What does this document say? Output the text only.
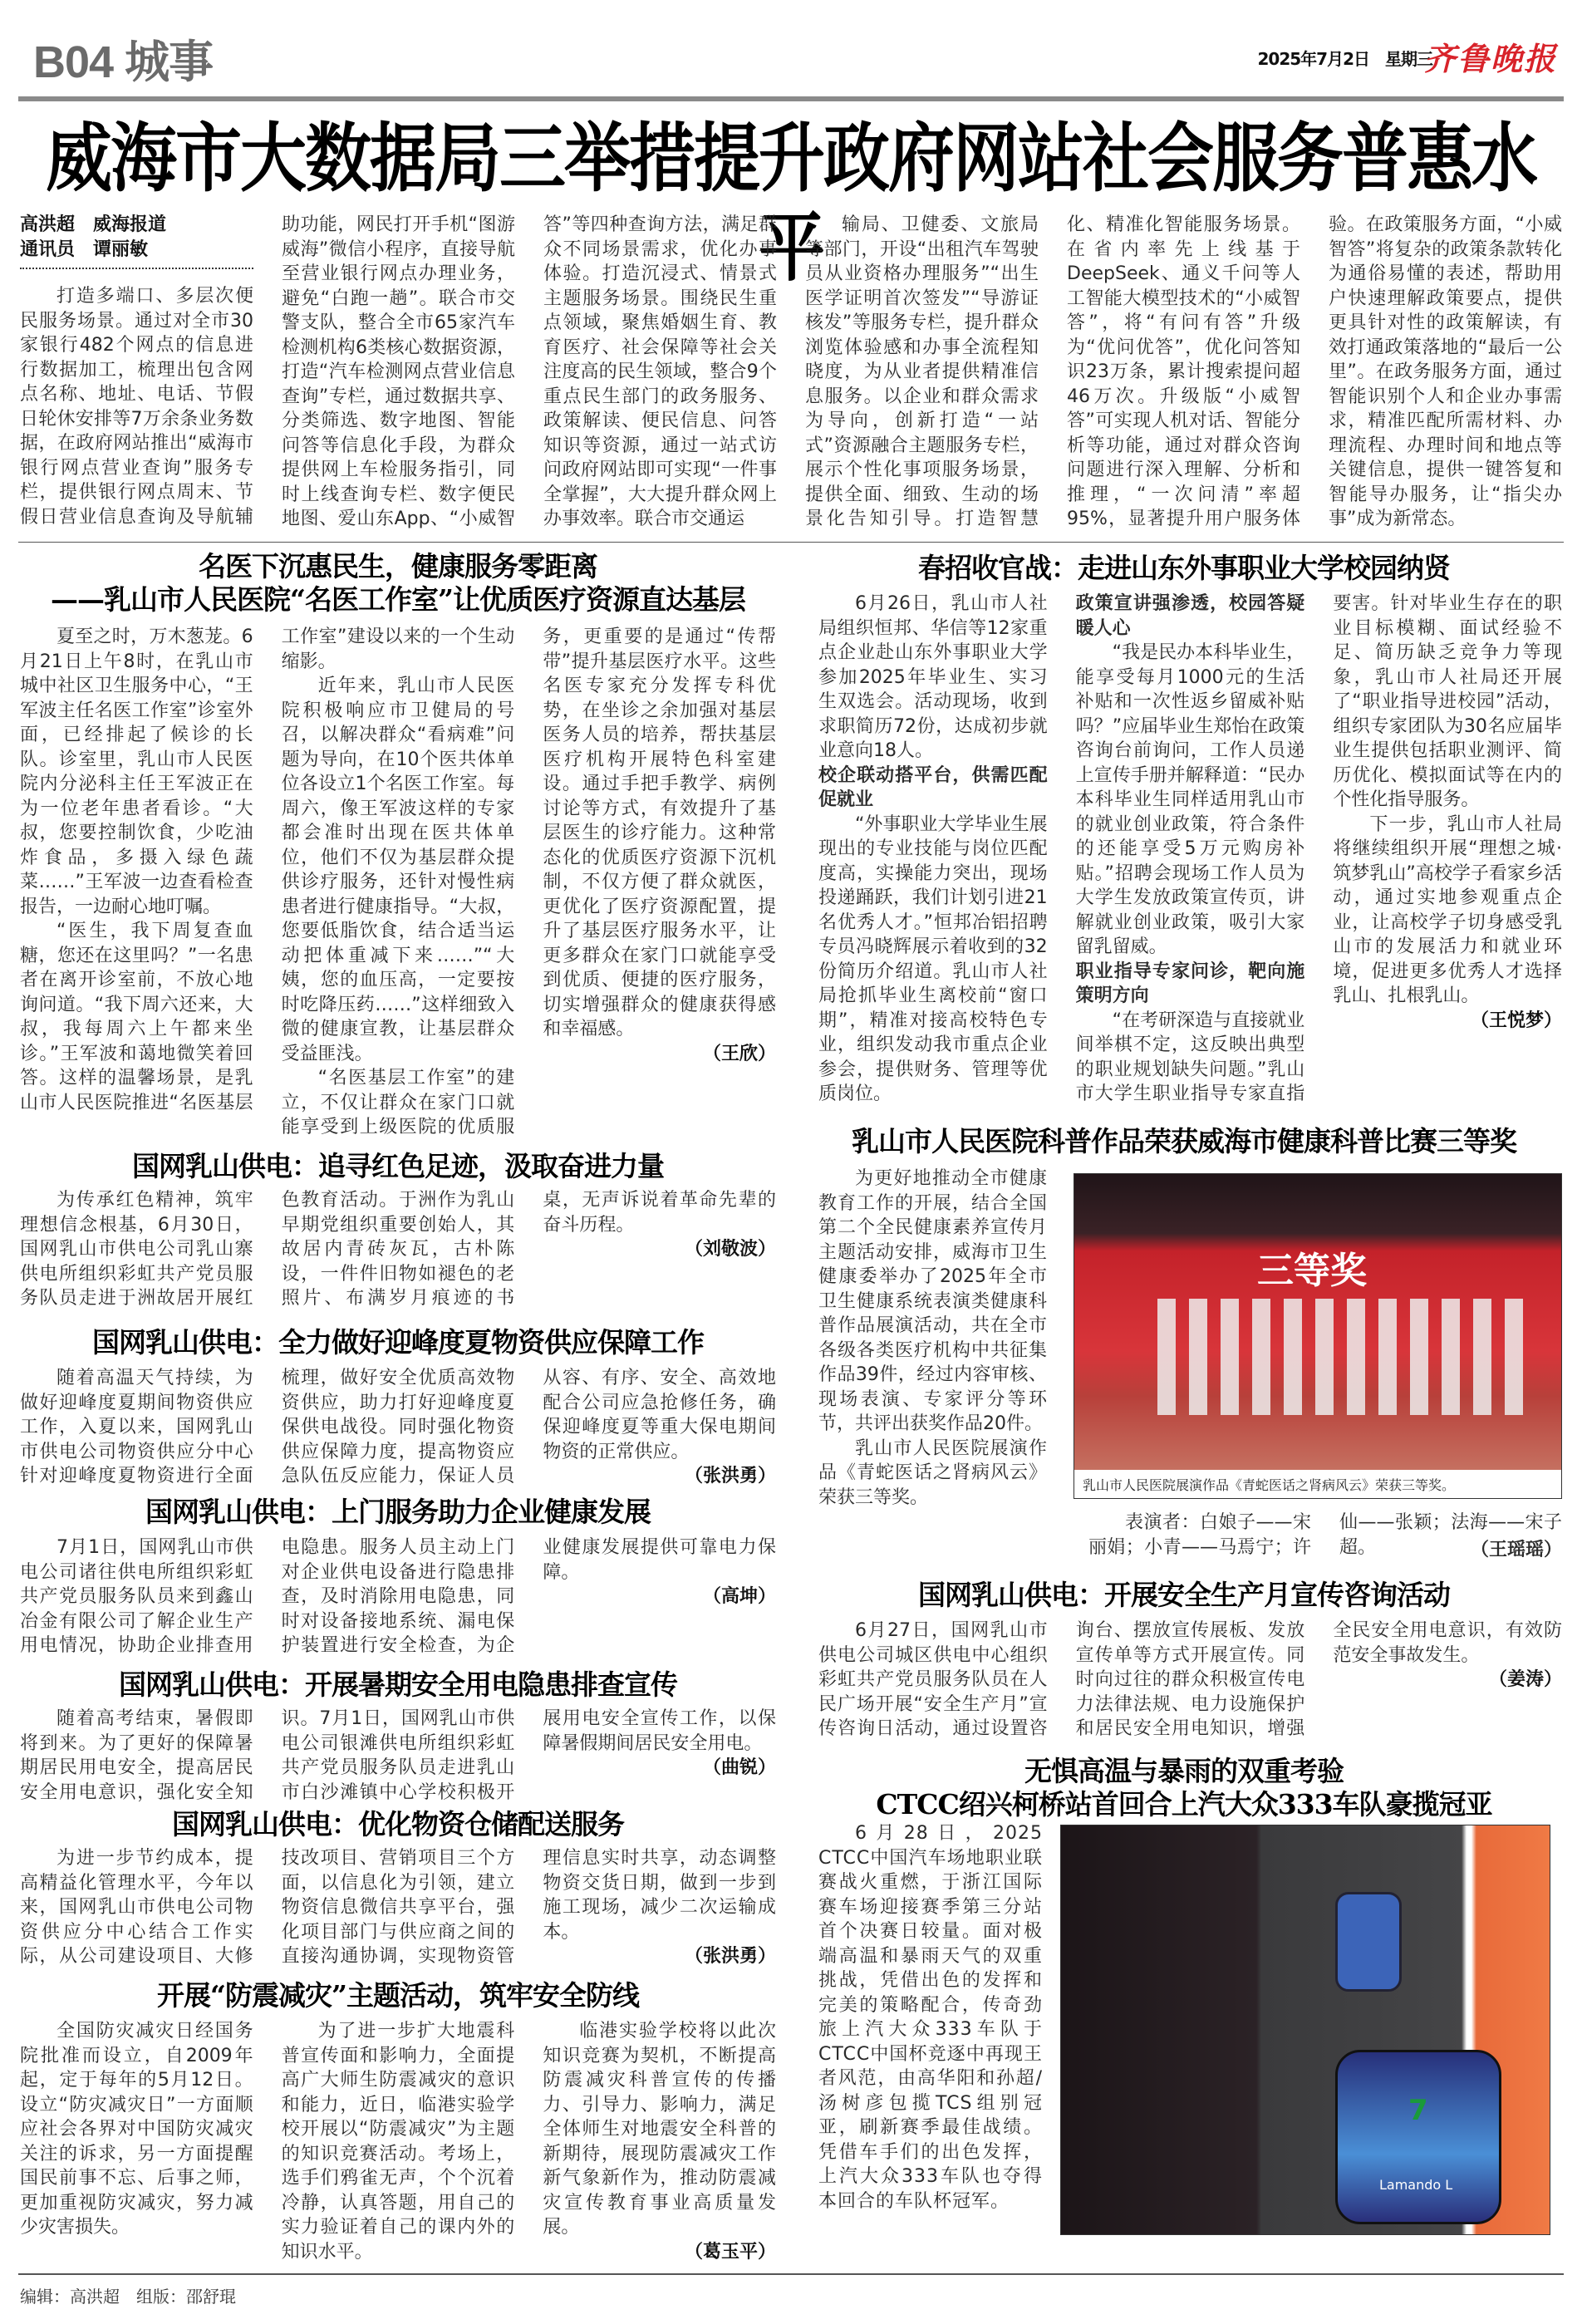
B04 城事	2025年7月2日　 星期三
齐鲁晚报
威海市大数据局三举措提升政府网站社会服务普惠水平
高洪超　威海报道
通讯员　谭丽敏

打造多端口、多层次便民服务场景。通过对全市30家银行482个网点的信息进行数据加工，梳理出包含网点名称、地址、电话、节假日轮休安排等7万余条业务数据，在政府网站推出“威海市银行网点营业查询”服务专栏，提供银行网点周末、节假日营业信息查询及导航辅助功能，网民打开手机“图游威海”微信小程序，直接导航至营业银行网点办理业务，避免“白跑一趟”。联合市交警支队，整合全市65家汽车检测机构6类核心数据资源，打造“汽车检测网点营业信息查询”专栏，通过数据共享、分类筛选、数字地图、智能问答等信息化手段，为群众提供网上车检服务指引，同时上线查询专栏、数字便民地图、爱山东App、“小威智答”等四种查询方法，满足群众不同场景需求，优化办事体验。打造沉浸式、情景式主题服务场景。围绕民生重点领域，聚焦婚姻生育、教育医疗、社会保障等社会关注度高的民生领域，整合9个重点民生部门的政务服务、政策解读、便民信息、问答知识等资源，通过一站式访问政府网站即可实现“一件事全掌握”，大大提升群众网上办事效率。联合市交通运

输局、卫健委、文旅局等部门，开设“出租汽车驾驶员从业资格办理服务”“出生医学证明首次签发”“导游证核发”等服务专栏，提升群众浏览体验感和办事全流程知晓度，为从业者提供精准信息服务。以企业和群众需求为导向，创新打造“一站式”资源融合主题服务专栏，展示个性化事项服务场景，提供全面、细致、生动的场景化告知引导。打造智慧化、精准化智能服务场景。在省内率先上线基于DeepSeek、通义千问等人工智能大模型技术的“小威智答”，将“有问有答”升级为“优问优答”，优化问答知识23万条，累计搜索提问超46万次。升级版“小威智答”可实现人机对话、智能分析等功能，通过对群众咨询问题进行深入理解、分析和推理，“一次问清”率超95%，显著提升用户服务体验。在政策服务方面，“小威智答”将复杂的政策条款转化为通俗易懂的表述，帮助用户快速理解政策要点，提供更具针对性的政策解读，有效打通政策落地的“最后一公里”。在政务服务方面，通过智能识别个人和企业办事需求，精准匹配所需材料、办理流程、办理时间和地点等关键信息，提供一键答复和智能导办服务，让“指尖办事”成为新常态。

名医下沉惠民生，健康服务零距离
——乳山市人民医院“名医工作室”让优质医疗资源直达基层

夏至之时，万木葱茏。6月21日上午8时，在乳山市城中社区卫生服务中心，“王军波主任名医工作室”诊室外面，已经排起了候诊的长队。诊室里，乳山市人民医院内分泌科主任王军波正在为一位老年患者看诊。“大叔，您要控制饮食，少吃油炸食品，多摄入绿色蔬菜……”王军波一边查看检查报告，一边耐心地叮嘱。

“医生，我下周复查血糖，您还在这里吗？”一名患者在离开诊室前，不放心地询问道。“我下周六还来，大叔，我每周六上午都来坐诊。”王军波和蔼地微笑着回答。这样的温馨场景，是乳山市人民医院推进“名医基层工作室”建设以来的一个生动缩影。

近年来，乳山市人民医院积极响应市卫健局的号召，以解决群众“看病难”问题为导向，在10个医共体单位各设立1个名医工作室。每周六，像王军波这样的专家都会准时出现在医共体单位，他们不仅为基层群众提供诊疗服务，还针对慢性病患者进行健康指导。“大叔，您要低脂饮食，结合适当运动把体重减下来……”“大姨，您的血压高，一定要按时吃降压药……”这样细致入微的健康宣教，让基层群众受益匪浅。

“名医基层工作室”的建立，不仅让群众在家门口就能享受到上级医院的优质服务，更重要的是通过“传帮带”提升基层医疗水平。这些名医专家充分发挥专科优势，在坐诊之余加强对基层医务人员的培养，帮扶基层医疗机构开展特色科室建设。通过手把手教学、病例讨论等方式，有效提升了基层医生的诊疗能力。这种常态化的优质医疗资源下沉机制，不仅方便了群众就医，更优化了医疗资源配置，提升了基层医疗服务水平，让更多群众在家门口就能享受到优质、便捷的医疗服务，切实增强群众的健康获得感和幸福感。

（王欣）

国网乳山供电：追寻红色足迹，汲取奋进力量

为传承红色精神，筑牢理想信念根基，6月30日，国网乳山市供电公司乳山寨供电所组织彩虹共产党员服务队员走进于洲故居开展红色教育活动。于洲作为乳山早期党组织重要创始人，其故居内青砖灰瓦，古朴陈设，一件件旧物如褪色的老照片、布满岁月痕迹的书桌，无声诉说着革命先辈的奋斗历程。

（刘敬波）

国网乳山供电：全力做好迎峰度夏物资供应保障工作

随着高温天气持续，为做好迎峰度夏期间物资供应工作，入夏以来，国网乳山市供电公司物资供应分中心针对迎峰度夏物资进行全面梳理，做好安全优质高效物资供应，助力打好迎峰度夏保供电战役。同时强化物资供应保障力度，提高物资应急队伍反应能力，保证人员从容、有序、安全、高效地配合公司应急抢修任务，确保迎峰度夏等重大保电期间物资的正常供应。

（张洪勇）

国网乳山供电：上门服务助力企业健康发展

7月1日，国网乳山市供电公司诸往供电所组织彩虹共产党员服务队员来到鑫山冶金有限公司了解企业生产用电情况，协助企业排查用电隐患。服务人员主动上门对企业供电设备进行隐患排查，及时消除用电隐患，同时对设备接地系统、漏电保护装置进行安全检查，为企业健康发展提供可靠电力保障。

（高坤）

国网乳山供电：开展暑期安全用电隐患排查宣传

随着高考结束，暑假即将到来。为了更好的保障暑期居民用电安全，提高居民安全用电意识，强化安全知识。7月1日，国网乳山市供电公司银滩供电所组织彩虹共产党员服务队员走进乳山市白沙滩镇中心学校积极开展用电安全宣传工作，以保障暑假期间居民安全用电。

（曲锐）

国网乳山供电：优化物资仓储配送服务

为进一步节约成本，提高精益化管理水平，今年以来，国网乳山市供电公司物资供应分中心结合工作实际，从公司建设项目、大修技改项目、营销项目三个方面，以信息化为引领，建立物资信息微信共享平台，强化项目部门与供应商之间的直接沟通协调，实现物资管理信息实时共享，动态调整物资交货日期，做到一步到施工现场，减少二次运输成本。

（张洪勇）

开展“防震减灾”主题活动，筑牢安全防线

全国防灾减灾日经国务院批准而设立，自2009年起，定于每年的5月12日。设立“防灾减灾日”一方面顺应社会各界对中国防灾减灾关注的诉求，另一方面提醒国民前事不忘、后事之师，更加重视防灾减灾，努力减少灾害损失。

为了进一步扩大地震科普宣传面和影响力，全面提高广大师生防震减灾的意识和能力，近日，临港实验学校开展以“防震减灾”为主题的知识竞赛活动。考场上，选手们鸦雀无声，个个沉着冷静，认真答题，用自己的实力验证着自己的课内外的知识水平。

临港实验学校将以此次知识竞赛为契机，不断提高防震减灾科普宣传的传播力、引导力、影响力，满足全体师生对地震安全科普的新期待，展现防震减灾工作新气象新作为，推动防震减灾宣传教育事业高质量发展。

（葛玉平）

春招收官战：走进山东外事职业大学校园纳贤

6月26日，乳山市人社局组织恒邦、华信等12家重点企业赴山东外事职业大学参加2025年毕业生、实习生双选会。活动现场，收到求职简历72份，达成初步就业意向18人。

校企联动搭平台，供需匹配促就业

“外事职业大学毕业生展现出的专业技能与岗位匹配度高，实操能力突出，现场投递踊跃，我们计划引进21名优秀人才。”恒邦冶铝招聘专员冯晓辉展示着收到的32份简历介绍道。乳山市人社局抢抓毕业生离校前“窗口期”，精准对接高校特色专业，组织发动我市重点企业参会，提供财务、管理等优质岗位。

政策宣讲强渗透，校园答疑暖人心

“我是民办本科毕业生，能享受每月1000元的生活补贴和一次性返乡留威补贴吗？”应届毕业生郑怡在政策咨询台前询问，工作人员递上宣传手册并解释道：“民办本科毕业生同样适用乳山市的就业创业政策，符合条件的还能享受5万元购房补贴。”招聘会现场工作人员为大学生发放政策宣传页，讲解就业创业政策，吸引大家留乳留威。

职业指导专家问诊，靶向施策明方向

“在考研深造与直接就业间举棋不定，这反映出典型的职业规划缺失问题。”乳山市大学生职业指导专家直指要害。针对毕业生存在的职业目标模糊、面试经验不足、简历缺乏竞争力等现象，乳山市人社局还开展了“职业指导进校园”活动，组织专家团队为30名应届毕业生提供包括职业测评、简历优化、模拟面试等在内的个性化指导服务。

下一步，乳山市人社局将继续组织开展“理想之城·筑梦乳山”高校学子看家乡活动，通过实地参观重点企业，让高校学子切身感受乳山市的发展活力和就业环境，促进更多优秀人才选择乳山、扎根乳山。

（王悦梦）

乳山市人民医院科普作品荣获威海市健康科普比赛三等奖

为更好地推动全市健康教育工作的开展，结合全国第二个全民健康素养宣传月主题活动安排，威海市卫生健康委举办了2025年全市卫生健康系统表演类健康科普作品展演活动，共在全市各级各类医疗机构中共征集作品39件，经过内容审核、现场表演、专家评分等环节，共评出获奖作品20件。

乳山市人民医院展演作品《青蛇医话之肾病风云》荣获三等奖。

三等奖
乳山市人民医院展演作品《青蛇医话之肾病风云》荣获三等奖。

表演者：白娘子——宋丽娟；小青——马焉宁；许仙——张颖；法海——宋子超。	（王瑶瑶）
国网乳山供电：开展安全生产月宣传咨询活动

6月27日，国网乳山市供电公司城区供电中心组织彩虹共产党员服务队员在人民广场开展“安全生产月”宣传咨询日活动，通过设置咨询台、摆放宣传展板、发放宣传单等方式开展宣传。同时向过往的群众积极宣传电力法律法规、电力设施保护和居民安全用电知识，增强全民安全用电意识，有效防范安全事故发生。

（姜涛）

无惧高温与暴雨的双重考验
CTCC绍兴柯桥站首回合上汽大众333车队豪揽冠亚

6月28日，2025 CTCC中国汽车场地职业联赛战火重燃，于浙江国际赛车场迎接赛季第三分站首个决赛日较量。面对极端高温和暴雨天气的双重挑战，凭借出色的发挥和完美的策略配合，传奇劲旅上汽大众333车队于CTCC中国杯竞逐中再现王者风范，由高华阳和孙超/汤树彦包揽TCS组别冠亚，刷新赛季最佳战绩。凭借车手们的出色发挥，上汽大众333车队也夺得本回合的车队杯冠军。

7
Lamando L
编辑：高洪超　组版：邵舒琨
